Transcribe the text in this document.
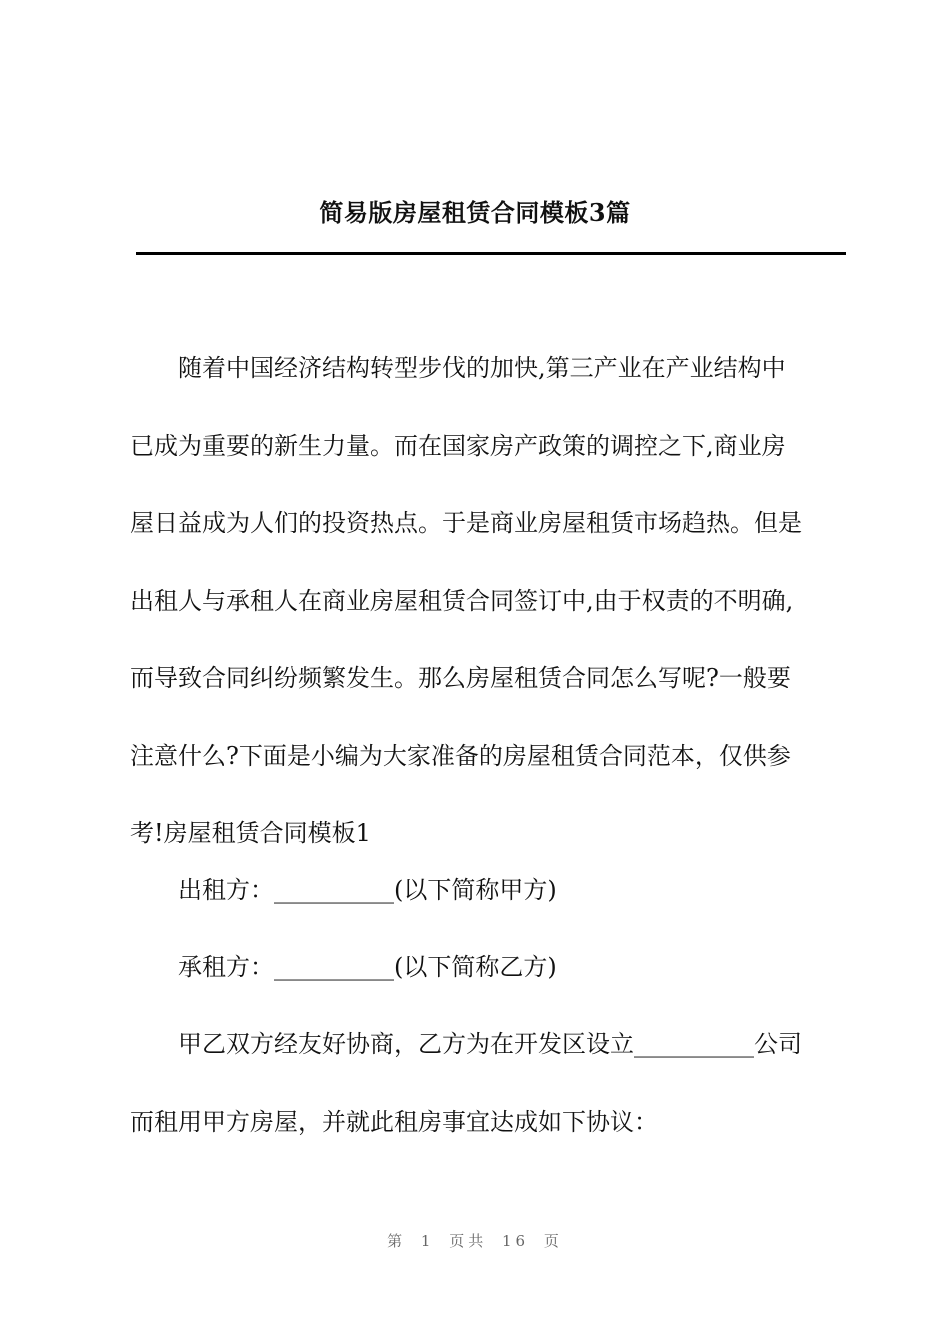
简易版房屋租赁合同模板3篇
随着中国经济结构转型步伐的加快,第三产业在产业结构中
已成为重要的新生力量。而在国家房产政策的调控之下,商业房
屋日益成为人们的投资热点。于是商业房屋租赁市场趋热。但是
出租人与承租人在商业房屋租赁合同签订中,由于权责的不明确,
而导致合同纠纷频繁发生。那么房屋租赁合同怎么写呢?一般要
注意什么?下面是小编为大家准备的房屋租赁合同范本，仅供参
考!房屋租赁合同模板1
出租方：__________(以下简称甲方)
承租方：__________(以下简称乙方)
甲乙双方经友好协商，乙方为在开发区设立__________公司
而租用甲方房屋，并就此租房事宜达成如下协议：
第 1 页共 16 页
